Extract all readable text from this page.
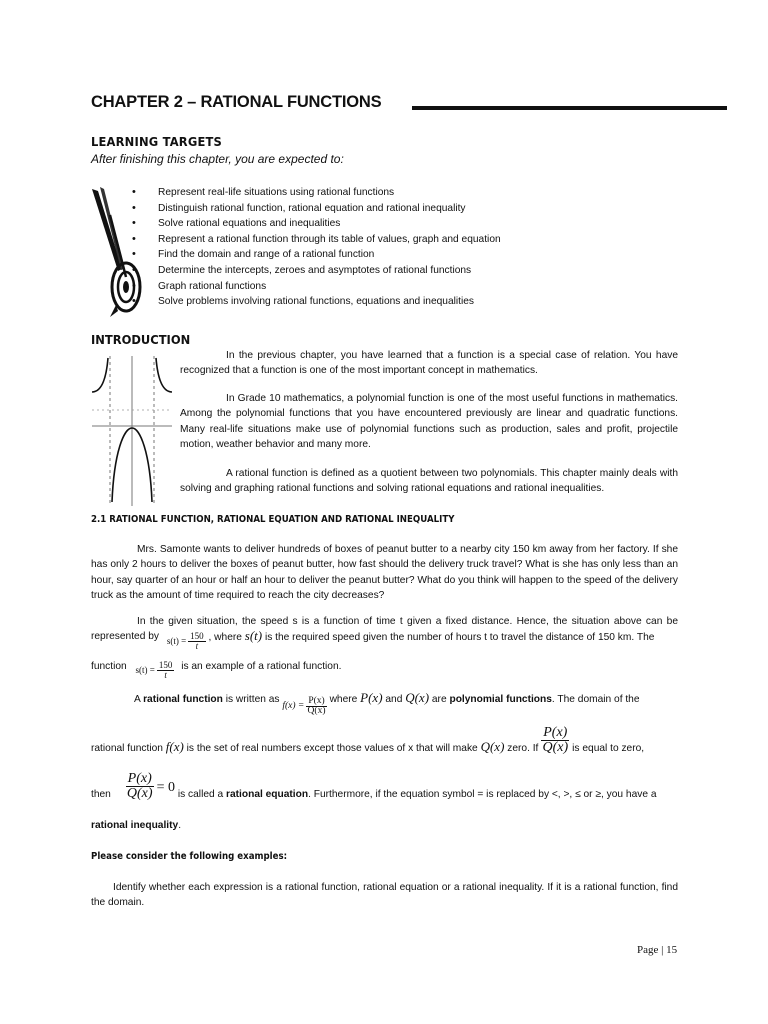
CHAPTER 2 – RATIONAL FUNCTIONS
LEARNING TARGETS
After finishing this chapter, you are expected to:
• Represent real-life situations using rational functions
• Distinguish rational function, rational equation and rational inequality
• Solve rational equations and inequalities
• Represent a rational function through its table of values, graph and equation
• Find the domain and range of a rational function
• Determine the intercepts, zeroes and asymptotes of rational functions
• Graph rational functions
• Solve problems involving rational functions, equations and inequalities
INTRODUCTION
In the previous chapter, you have learned that a function is a special case of relation. You have recognized that a function is one of the most important concept in mathematics.
In Grade 10 mathematics, a polynomial function is one of the most useful functions in mathematics. Among the polynomial functions that you have encountered previously are linear and quadratic functions. Many real-life situations make use of polynomial functions such as production, sales and profit, projectile motion, weather behavior and many more.
A rational function is defined as a quotient between two polynomials. This chapter mainly deals with solving and graphing rational functions and solving rational equations and rational inequalities.
2.1 RATIONAL FUNCTION, RATIONAL EQUATION AND RATIONAL INEQUALITY
Mrs. Samonte wants to deliver hundreds of boxes of peanut butter to a nearby city 150 km away from her factory. If she has only 2 hours to deliver the boxes of peanut butter, how fast should the delivery truck travel? What is she has only less than an hour, say quarter of an hour or half an hour to deliver the peanut butter? What do you think will happen to the speed of the delivery truck as the amount of time required to reach the city decreases?
In the given situation, the speed s is a function of time t given a fixed distance. Hence, the situation above can be represented by
$s(t) = \frac{150}{t}$ , where s(t) is the required speed given the number of hours t to travel the distance of 150 km. The
function $s(t) = \frac{150}{t}$ is an example of a rational function.
A rational function is written as
$f(x) = \frac{P(x)}{Q(x)}$ where P(x) and Q(x) are polynomial functions. The domain of the
rational function f(x) is the set of real numbers except those values of x that will make Q(x) zero. If $\frac{P(x)}{Q(x)}$ is equal to zero,
then $\frac{P(x)}{Q(x)} = 0$ is called a rational equation. Furthermore, if the equation symbol = is replaced by <, >, ≤ or ≥, you have a
rational inequality.
Please consider the following examples:
Identify whether each expression is a rational function, rational equation or a rational inequality. If it is a rational function, find the domain.
Page | 15
